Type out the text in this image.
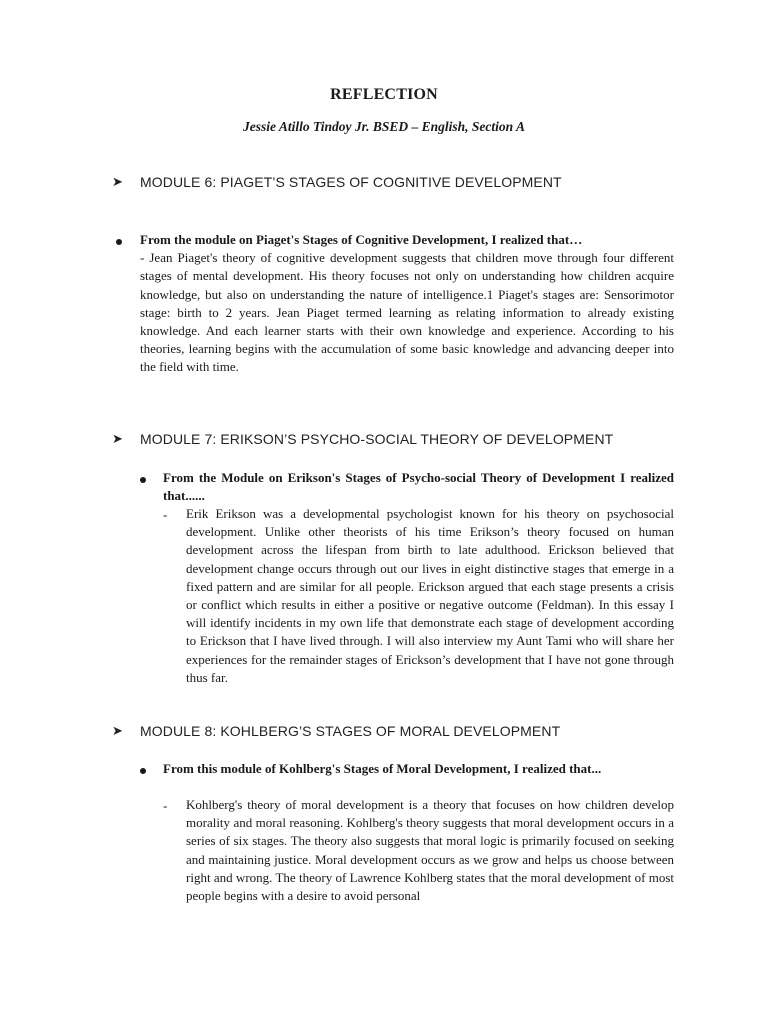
REFLECTION
Jessie Atillo Tindoy Jr. BSED – English, Section A
➤ MODULE 6: PIAGET’S STAGES OF COGNITIVE DEVELOPMENT
From the module on Piaget's Stages of Cognitive Development, I realized that…
- Jean Piaget's theory of cognitive development suggests that children move through four different stages of mental development. His theory focuses not only on understanding how children acquire knowledge, but also on understanding the nature of intelligence.1 Piaget's stages are: Sensorimotor stage: birth to 2 years. Jean Piaget termed learning as relating information to already existing knowledge. And each learner starts with their own knowledge and experience. According to his theories, learning begins with the accumulation of some basic knowledge and advancing deeper into the field with time.
➤ MODULE 7: ERIKSON’S PSYCHO-SOCIAL THEORY OF DEVELOPMENT
From the Module on Erikson's Stages of Psycho-social Theory of Development I realized that......
- Erik Erikson was a developmental psychologist known for his theory on psychosocial development. Unlike other theorists of his time Erikson’s theory focused on human development across the lifespan from birth to late adulthood. Erickson believed that development change occurs through out our lives in eight distinctive stages that emerge in a fixed pattern and are similar for all people. Erickson argued that each stage presents a crisis or conflict which results in either a positive or negative outcome (Feldman). In this essay I will identify incidents in my own life that demonstrate each stage of development according to Erickson that I have lived through. I will also interview my Aunt Tami who will share her experiences for the remainder stages of Erickson’s development that I have not gone through thus far.
➤ MODULE 8: KOHLBERG’S STAGES OF MORAL DEVELOPMENT
From this module of Kohlberg's Stages of Moral Development, I realized that...
- Kohlberg's theory of moral development is a theory that focuses on how children develop morality and moral reasoning. Kohlberg's theory suggests that moral development occurs in a series of six stages. The theory also suggests that moral logic is primarily focused on seeking and maintaining justice. Moral development occurs as we grow and helps us choose between right and wrong. The theory of Lawrence Kohlberg states that the moral development of most people begins with a desire to avoid personal
